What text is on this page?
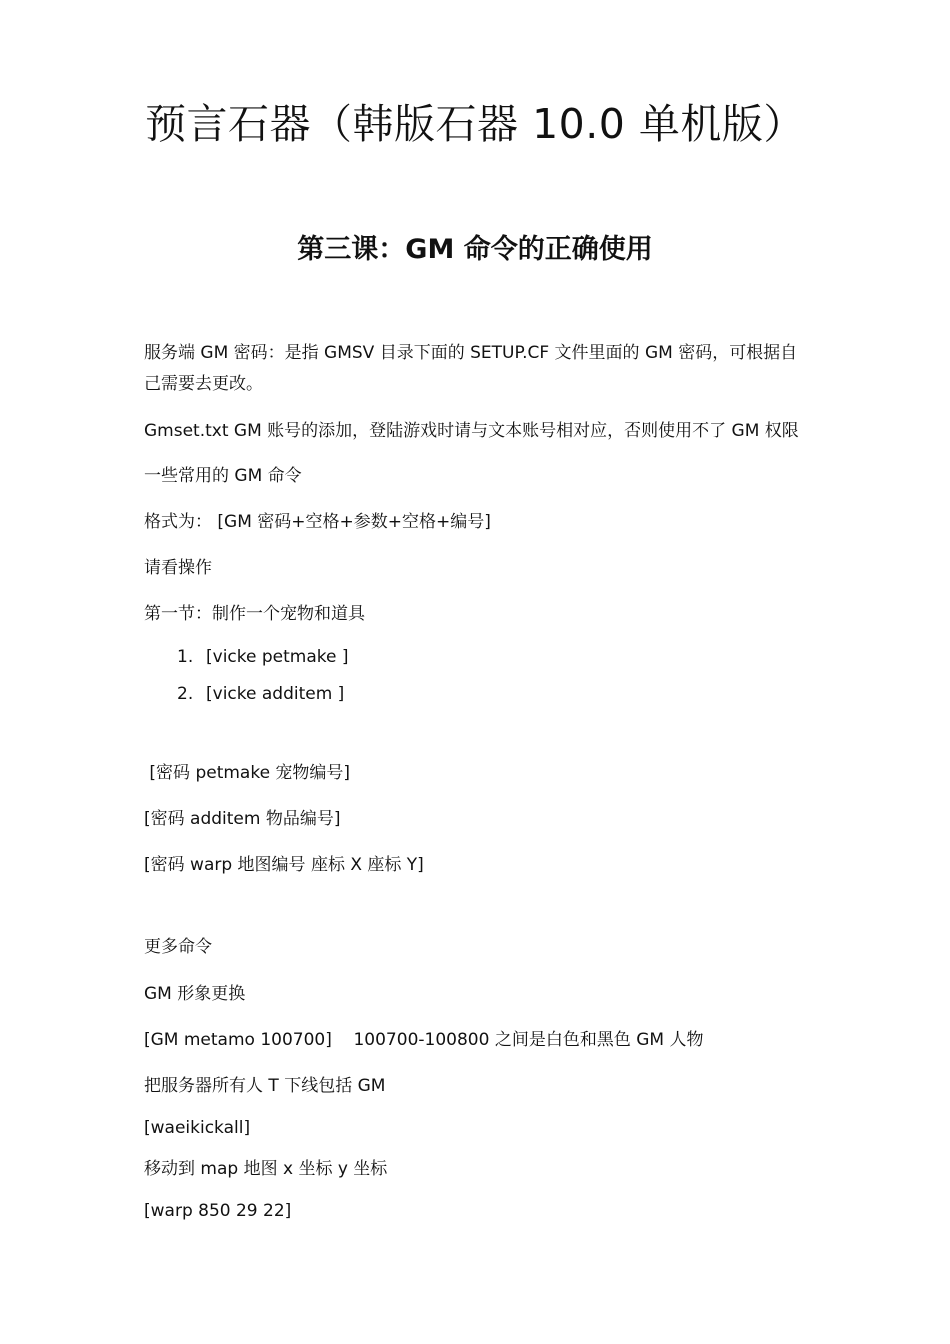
预言石器（韩版石器 10.0 单机版）
第三课：GM 命令的正确使用

服务端 GM 密码：是指 GMSV 目录下面的 SETUP.CF 文件里面的 GM 密码，可根据自己需要去更改。

Gmset.txt GM 账号的添加，登陆游戏时请与文本账号相对应，否则使用不了 GM 权限

一些常用的 GM 命令

格式为： [GM 密码+空格+参数+空格+编号]

请看操作

第一节：制作一个宠物和道具

1. [vicke petmake ]
2. [vicke additem ]

[密码 petmake 宠物编号]

[密码 additem 物品编号]

[密码 warp 地图编号 座标 X 座标 Y]

更多命令

GM 形象更换

[GM metamo 100700]    100700-100800 之间是白色和黑色 GM 人物

把服务器所有人 T 下线包括 GM

[waeikickall]

移动到 map 地图 x 坐标 y 坐标

[warp 850 29 22]
